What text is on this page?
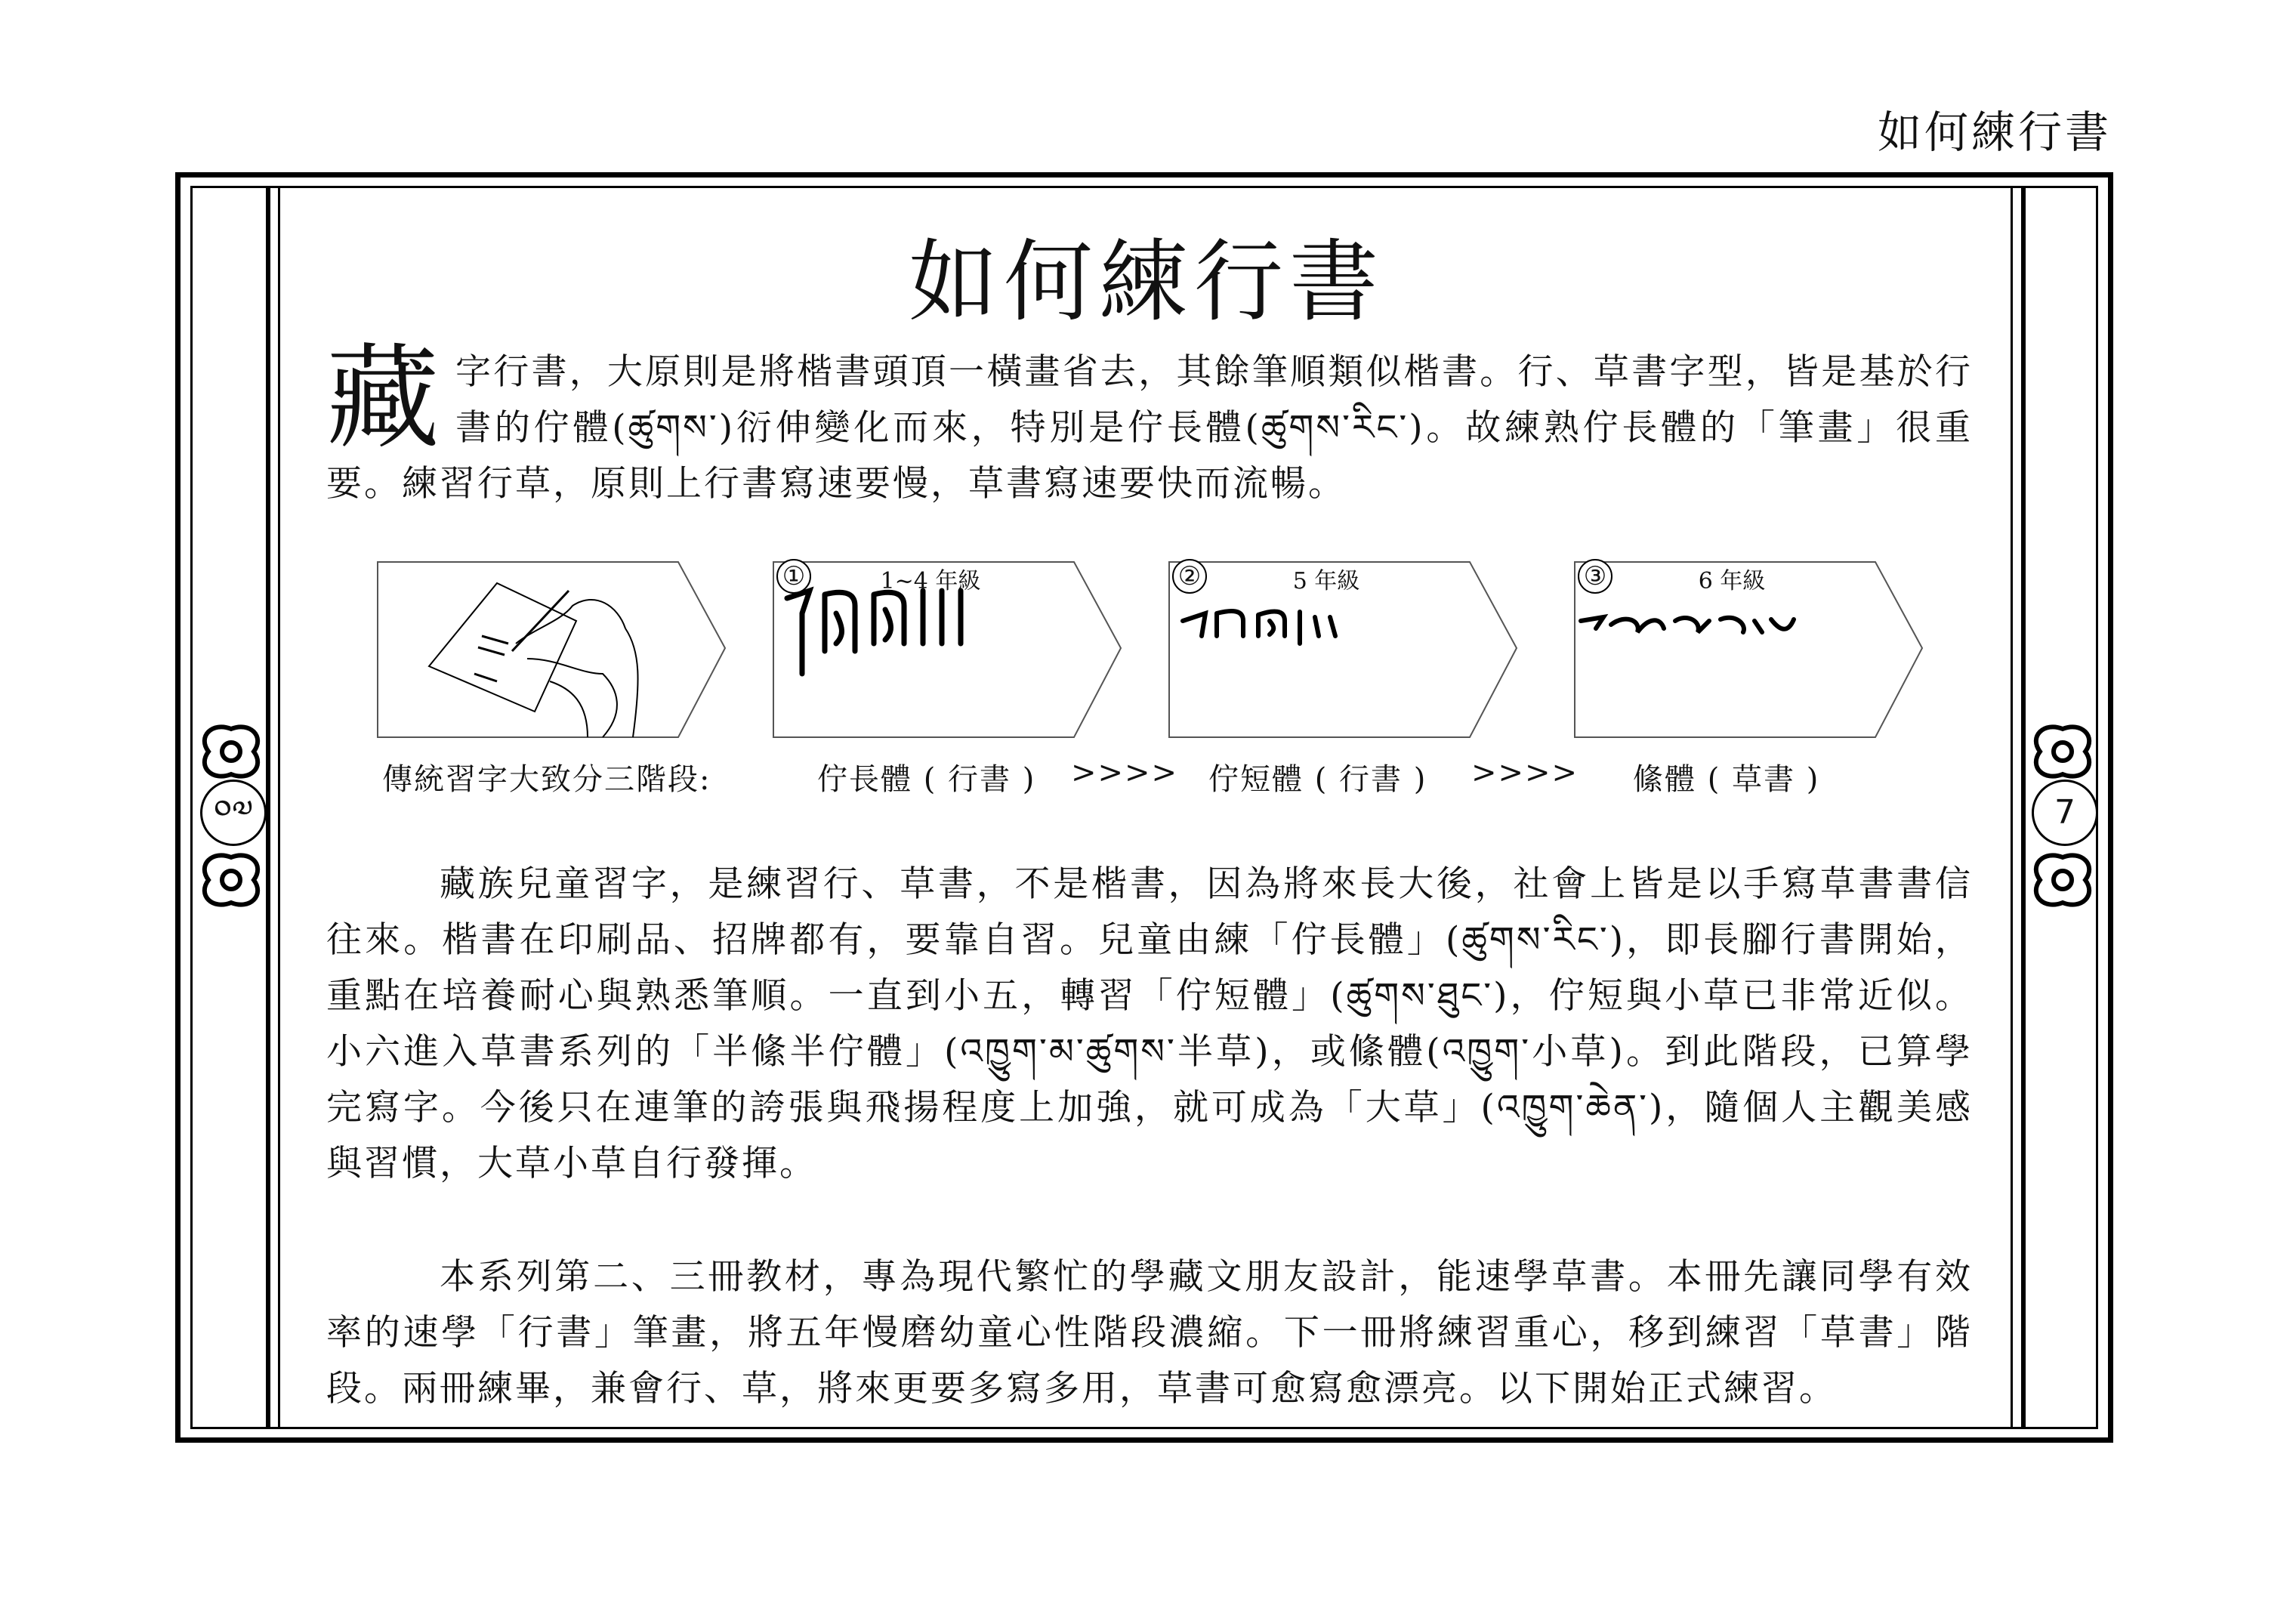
如何練行書
如何練行書
藏 字行書，大原則是將楷書頭頂一橫畫省去，其餘筆順類似楷書。行、草書字型，皆是基於行書的佇體(ཚུགས་)衍伸變化而來，特別是佇長體(ཚུགས་རིང་)。故練熟佇長體的「筆畫」很重要。練習行草，原則上行書寫速要慢，草書寫速要快而流暢。
①	1~4 年級	②	5 年級	③	6 年級
傳統習字大致分三階段:	佇長體 ( 行書 ) >>>> 佇短體 ( 行書 ) >>>> 絛體 ( 草書 )
藏族兒童習字，是練習行、草書，不是楷書，因為將來長大後，社會上皆是以手寫草書書信往來。楷書在印刷品、招牌都有，要靠自習。兒童由練「佇長體」(ཚུགས་རིང་)，即長腳行書開始，重點在培養耐心與熟悉筆順。一直到小五，轉習「佇短體」(ཚུགས་ཐུང་)，佇短與小草已非常近似。小六進入草書系列的「半絛半佇體」(འཁྱུག་མ་ཚུགས་半草)，或絛體(འཁྱུག་小草)。到此階段，已算學完寫字。今後只在連筆的誇張與飛揚程度上加強，就可成為「大草」(འཁྱུག་ཆེན་)，隨個人主觀美感與習慣，大草小草自行發揮。
本系列第二、三冊教材，專為現代繁忙的學藏文朋友設計，能速學草書。本冊先讓同學有效率的速學「行書」筆畫，將五年慢磨幼童心性階段濃縮。下一冊將練習重心，移到練習「草書」階段。兩冊練畢，兼會行、草，將來更要多寫多用，草書可愈寫愈漂亮。以下開始正式練習。
༠༧	7
